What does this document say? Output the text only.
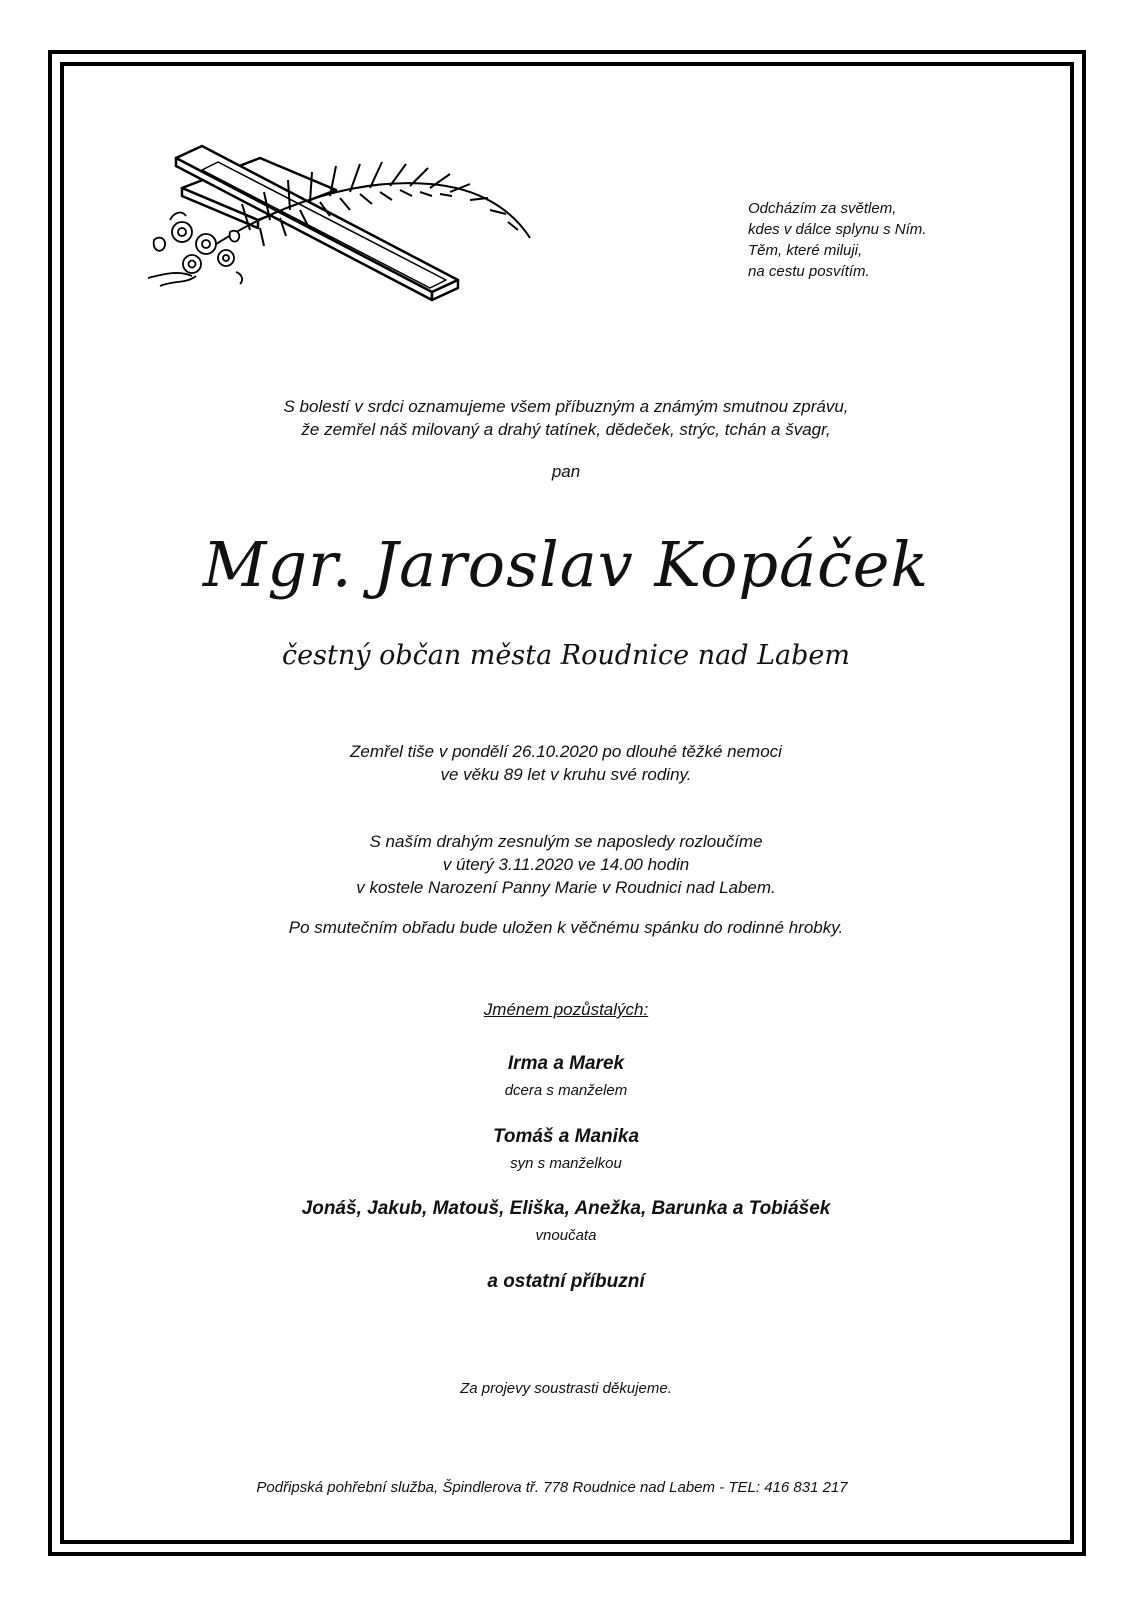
Odcházím za světlem,
kdes v dálce splynu s Ním.
Těm, které miluji,
na cestu posvítím.
S bolestí v srdci oznamujeme všem příbuzným a známým smutnou zprávu,
že zemřel náš milovaný a drahý tatínek, dědeček, strýc, tchán a švagr,
pan
Mgr. Jaroslav Kopáček
čestný občan města Roudnice nad Labem
Zemřel tiše v pondělí 26.10.2020 po dlouhé těžké nemoci
ve věku 89 let v kruhu své rodiny.
S naším drahým zesnulým se naposledy rozloučíme
v úterý 3.11.2020 ve 14.00 hodin
v kostele Narození Panny Marie v Roudnici nad Labem.
Po smutečním obřadu bude uložen k věčnému spánku do rodinné hrobky.
Jménem pozůstalých:
Irma a Marek
dcera s manželem
Tomáš a Manika
syn s manželkou
Jonáš, Jakub, Matouš, Eliška, Anežka, Barunka a Tobiášek
vnoučata
a ostatní příbuzní
Za projevy soustrasti děkujeme.
Podřipská pohřební služba, Špindlerova tř. 778 Roudnice nad Labem - TEL: 416 831 217
